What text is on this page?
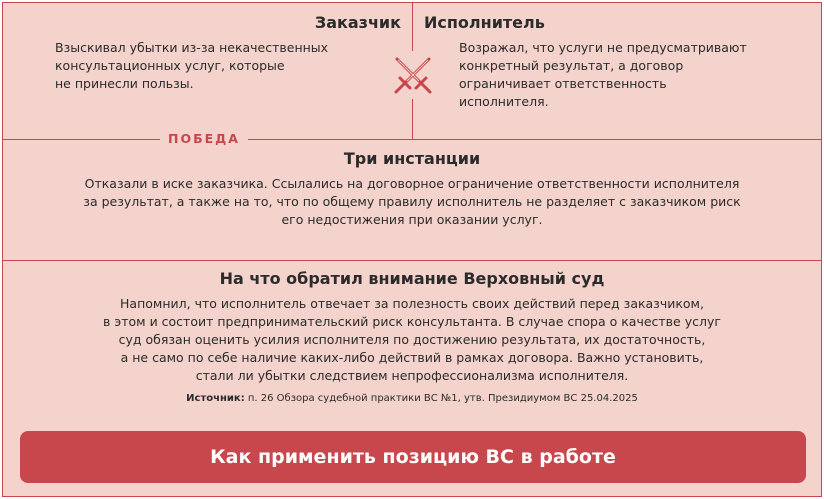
Заказчик Исполнитель
Взыскивал убытки из-за некачественных
консультационных услуг, которые
не принесли пользы.
Возражал, что услуги не предусматривают
конкретный результат, а договор
ограничивает ответственность
исполнителя.
ПОБЕДА
Три инстанции
Отказали в иске заказчика. Ссылались на договорное ограничение ответственности исполнителя
за результат, а также на то, что по общему правилу исполнитель не разделяет с заказчиком риск
его недостижения при оказании услуг.
На что обратил внимание Верховный суд
Напомнил, что исполнитель отвечает за полезность своих действий перед заказчиком,
в этом и состоит предпринимательский риск консультанта. В случае спора о качестве услуг
суд обязан оценить усилия исполнителя по достижению результата, их достаточность,
а не само по себе наличие каких-либо действий в рамках договора. Важно установить,
стали ли убытки следствием непрофессионализма исполнителя.
Источник: п. 26 Обзора судебной практики ВС №1, утв. Президиумом ВС 25.04.2025
Как применить позицию ВС в работе
